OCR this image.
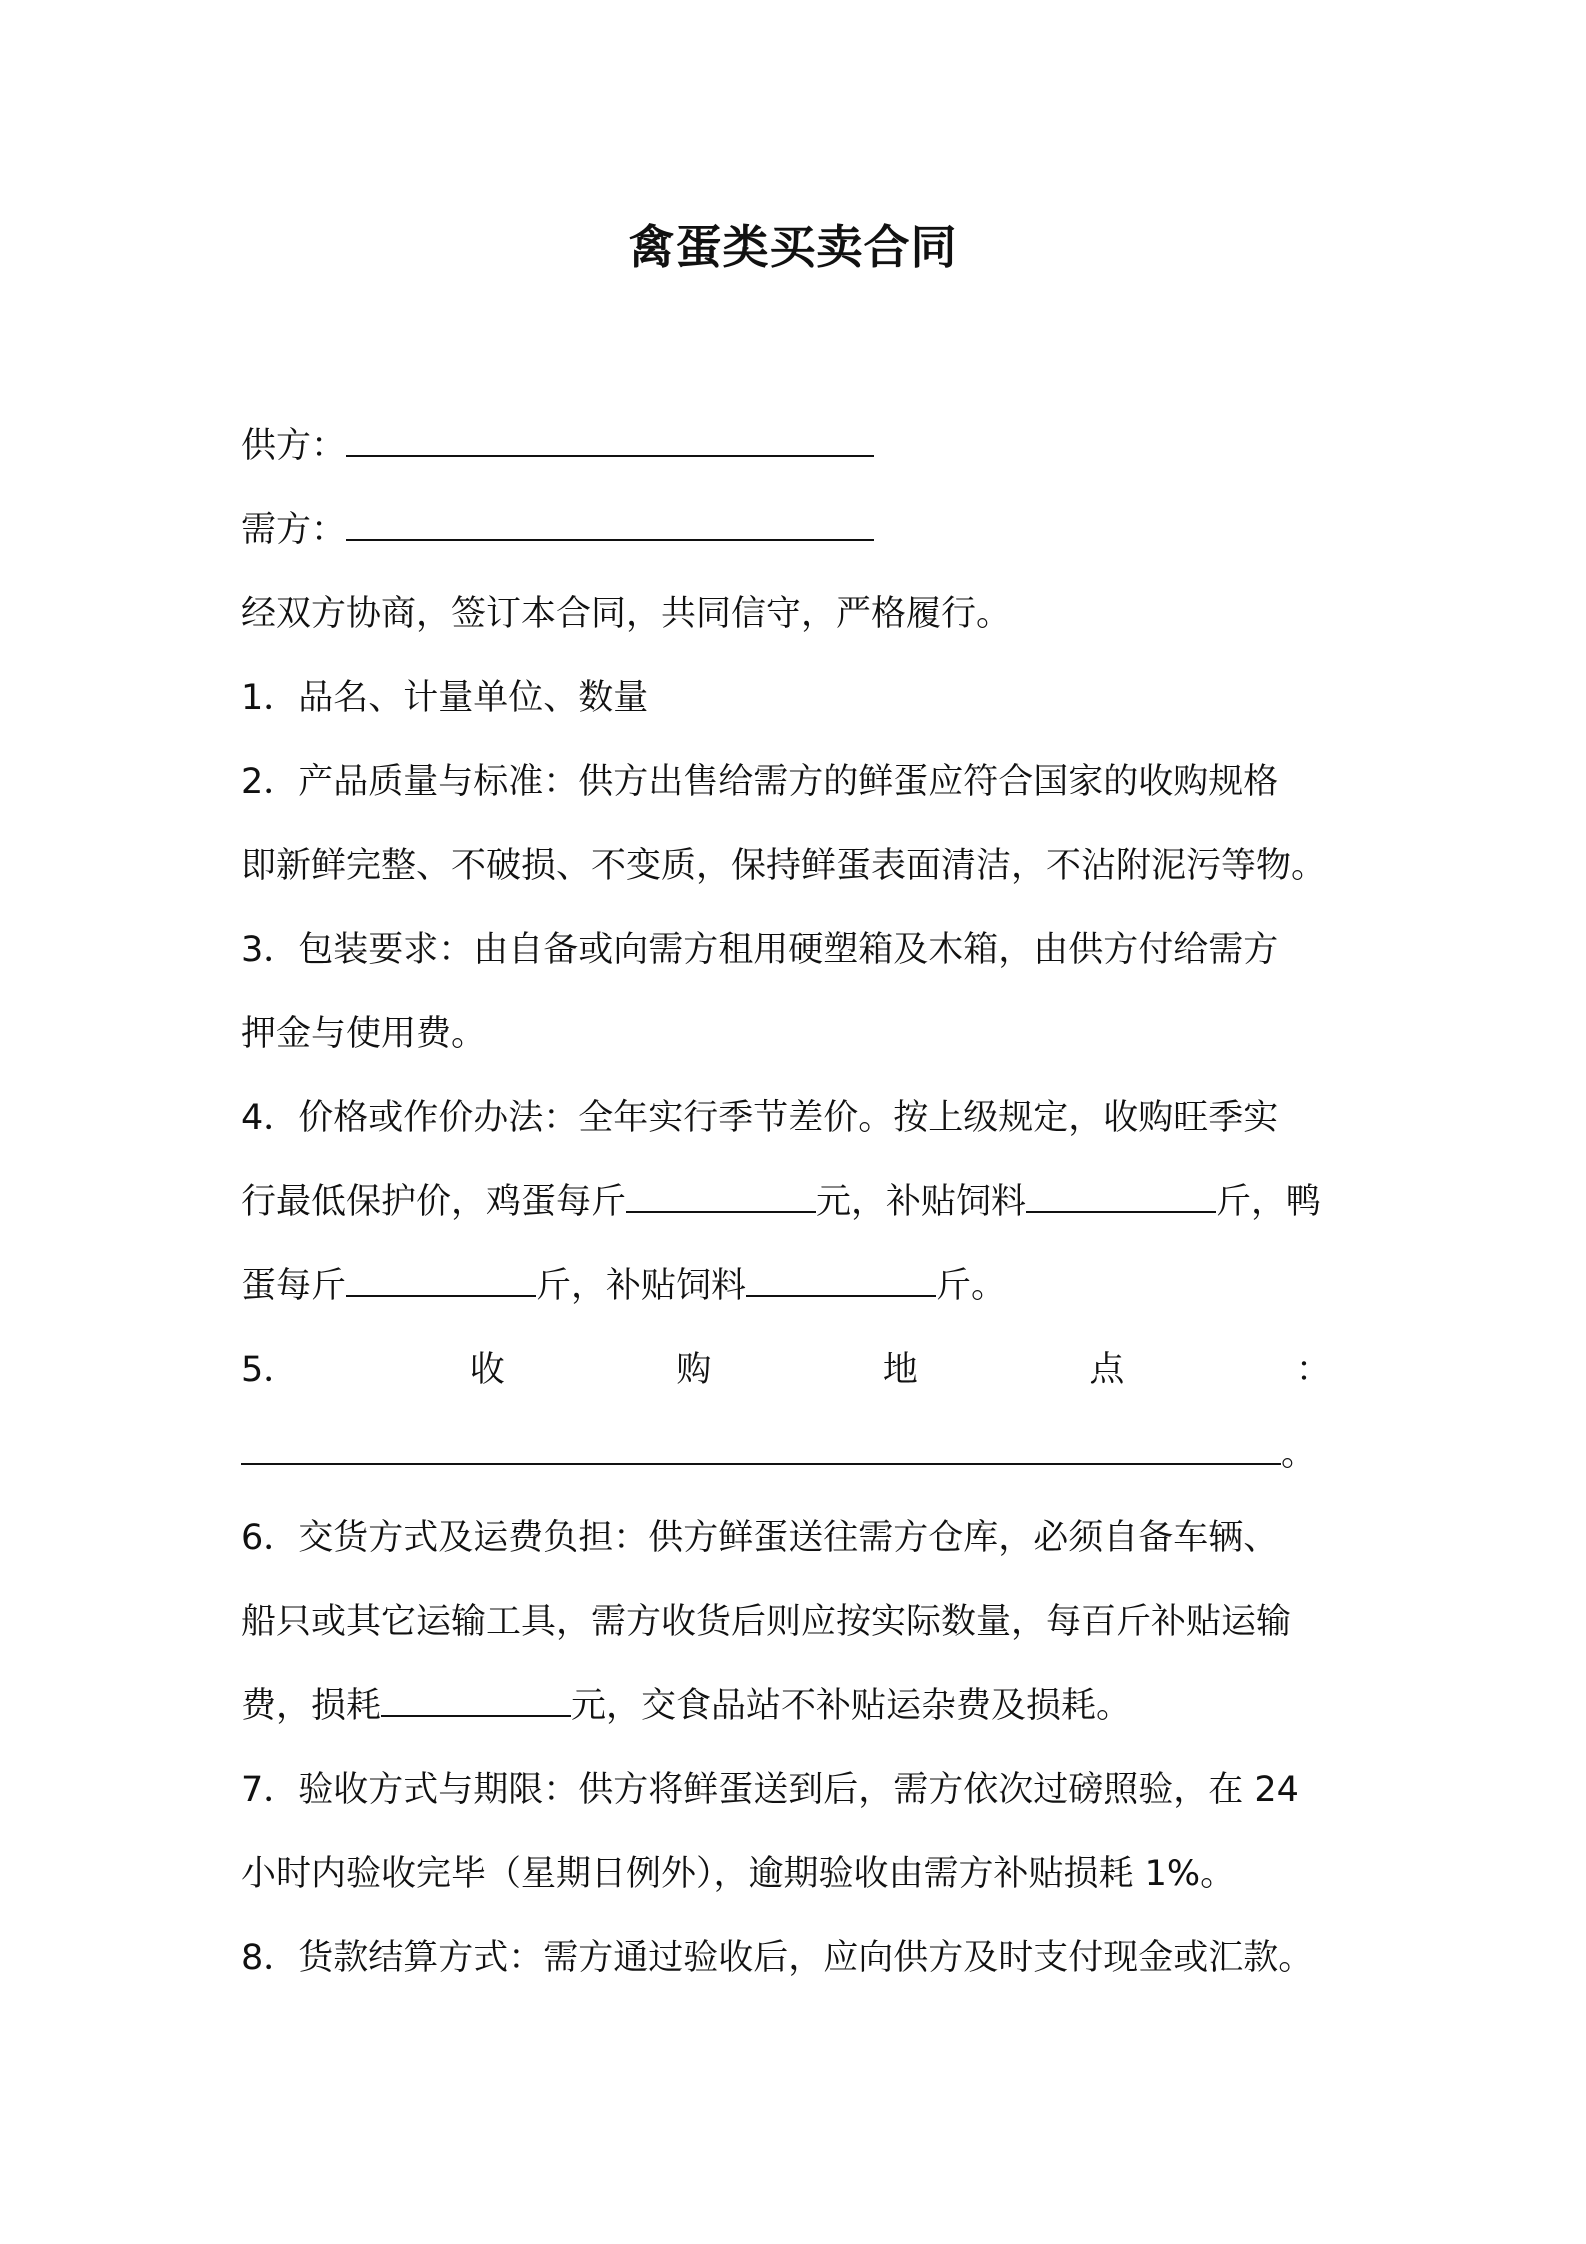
禽蛋类买卖合同
供方：
需方：
经双方协商，签订本合同，共同信守，严格履行。
1．品名、计量单位、数量
2．产品质量与标准：供方出售给需方的鲜蛋应符合国家的收购规格
即新鲜完整、不破损、不变质，保持鲜蛋表面清洁，不沾附泥污等物。
3．包装要求：由自备或向需方租用硬塑箱及木箱，由供方付给需方
押金与使用费。
4．价格或作价办法：全年实行季节差价。按上级规定，收购旺季实
行最低保护价，鸡蛋每斤	元，补贴饲料	斤，鸭
蛋每斤	斤，补贴饲料	斤。
5．	收	购	地	点	：
。
6．交货方式及运费负担：供方鲜蛋送往需方仓库，必须自备车辆、
船只或其它运输工具，需方收货后则应按实际数量，每百斤补贴运输
费，损耗	元，交食品站不补贴运杂费及损耗。
7．验收方式与期限：供方将鲜蛋送到后，需方依次过磅照验，在 24
小时内验收完毕（星期日例外），逾期验收由需方补贴损耗 1%。
8．货款结算方式：需方通过验收后，应向供方及时支付现金或汇款。
